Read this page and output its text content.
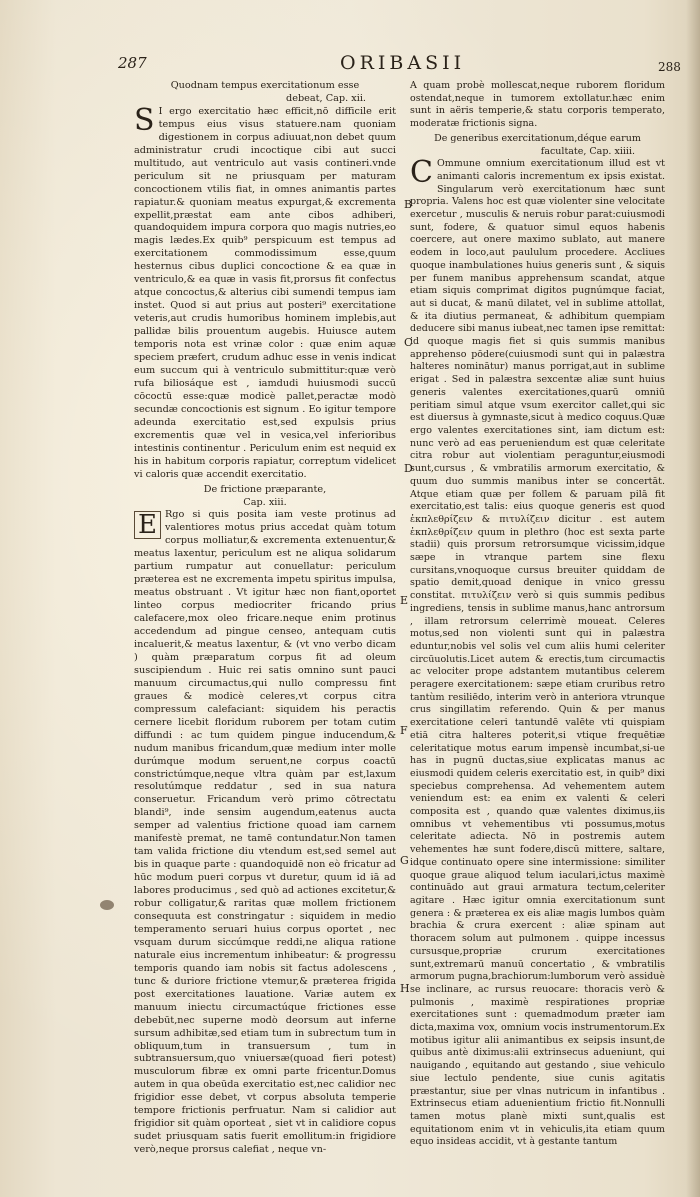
287	ORIBASII	288
B
C
D
E
F
G
H

Quodnam tempus exercitationum esse

debeat, Cap. xii.

S I ergo exercitatio hæc efficit,nō difficile erit tempus eius visus statuere.nam quoniam digestionem in corpus adiuuat,non debet quum administratur crudi incoctique cibi aut succi multitudo, aut ventriculo aut vasis contineri.vnde periculum sit ne priusquam per maturam concoctionem vtilis fiat, in omnes animantis partes rapiatur.& quoniam meatus expurgat,& excrementa expellit,præstat eam ante cibos adhiberi, quandoquidem impura corpora quo magis nutries,eo magis lædes.Ex quib⁹ perspicuum est tempus ad exercitationem commodissimum esse,quum hesternus cibus duplici concoctione & ea quæ in ventriculo,& ea quæ in vasis fit,prorsus fit confectus atque concoctus,& alterius cibi sumendi tempus iam instet. Quod si aut prius aut posteri⁹ exercitatione veteris,aut crudis humoribus hominem implebis,aut pallidæ bilis prouentum augebis. Huiusce autem temporis nota est vrinæ color : quæ enim aquæ speciem præfert, crudum adhuc esse in venis indicat eum succum qui à ventriculo submittitur:quæ verò rufa biliosáque est , iamdudi huiusmodi succū cōcoctū esse:quæ modicè pallet,peractæ modò secundæ concoctionis est signum . Eo igitur tempore adeunda exercitatio est,sed expulsis prius excrementis quæ vel in vesica,vel inferioribus intestinis continentur . Periculum enim est nequid ex his in habitum corporis rapiatur, correptum videlicet vi caloris quæ accendit exercitatio.

De frictione præparante,

Cap. xiii.

E Rgo si quis posita iam veste protinus ad valentiores motus prius accedat quàm totum corpus molliatur,& excrementa extenuentur,& meatus laxentur, periculum est ne aliqua solidarum partium rumpatur aut conuellatur: periculum præterea est ne excrementa impetu spiritus impulsa, meatus obstruant . Vt igitur hæc non fiant,oportet linteo corpus mediocriter fricando prius calefacere,mox oleo fricare.neque enim protinus accedendum ad pingue censeo, antequam cutis incaluerit,& meatus laxentur, & (vt vno verbo dicam ) quàm præparatum corpus fit ad oleum suscipiendum . Huic rei satis omnino sunt pauci manuum circumactus,qui nullo compressu fint graues & modicè celeres,vt corpus citra compressum calefaciant: siquidem his peractis cernere licebit floridum ruborem per totam cutim diffundi : ac tum quidem pingue inducendum,& nudum manibus fricandum,quæ medium inter molle durúmque modum seruent,ne corpus coactū constrictúmque,neque vltra quàm par est,laxum resolutúmque reddatur , sed in sua natura conseruetur. Fricandum verò primo cōtrectatu blandi⁹, inde sensim augendum,eatenus aucta semper ad valentius frictione quoad iam carnem manifestè premat, ne tamē contundatur.Non tamen tam valida frictione diu vtendum est,sed semel aut bis in quaque parte : quandoquidē non eò fricatur ad hūc modum pueri corpus vt duretur, quum id iā ad labores producimus , sed quò ad actiones excitetur,& robur colligatur,& raritas quæ mollem frictionem consequuta est constringatur : siquidem in medio temperamento seruari huius corpus oportet , nec vsquam durum siccúmque reddi,ne aliqua ratione naturale eius incrementum inhibeatur: & progressu temporis quando iam nobis sit factus adolescens , tunc & duriore frictione vtemur,& præterea frigida post exercitationes lauatione. Variæ autem ex manuum iniectu circumactúque frictiones esse debebūt,nec superne modò deorsum aut inferne sursum adhibitæ,sed etiam tum in subrectum tum in obliquum,tum in transuersum , tum in subtransuersum,quo vniuersæ(quoad fieri potest) musculorum fibræ ex omni parte fricentur.Domus autem in qua obeūda exercitatio est,nec calidior nec frigidior esse debet, vt corpus absoluta temperie tempore frictionis perfruatur. Nam si calidior aut frigidior sit quàm oporteat , siet vt in calidiore copus sudet priusquam satis fuerit emollitum:in frigidiore verò,neque prorsus calefiat , neque vn-

A quam probè mollescat,neque ruborem floridum ostendat,neque in tumorem extollatur.hæc enim sunt in aëris temperie,& statu corporis temperato, moderatæ frictionis signa.

De generibus exercitationum,déque earum

facultate, Cap. xiiii.

C Ommune omnium exercitationum illud est vt animanti caloris incrementum ex ipsis existat. Singularum verò exercitationum hæc sunt propria. Valens hoc est quæ violenter sine velocitate exercetur , musculis & neruis robur parat:cuiusmodi sunt, fodere, & quatuor simul equos habenis coercere, aut onere maximo sublato, aut manere eodem in loco,aut paululum procedere. Accliues quoque inambulationes huius generis sunt , & siquis per funem manibus apprehensum scandat, atque etiam siquis comprimat digitos pugnúmque faciat, aut si ducat, & manū dilatet, vel in sublime attollat, & ita diutius permaneat, & adhibitum quempiam deducere sibi manus iubeat,nec tamen ipse remittat: id quoque magis fiet si quis summis manibus apprehenso pōdere(cuiusmodi sunt qui in palæstra halteres nominātur) manus porrigat,aut in sublime erigat . Sed in palæstra sexcentæ aliæ sunt huius generis valentes exercitationes,quarū omniū peritiam simul atque vsum exercitor callet,qui sic est diuersus à gymnaste,sicut à medico coquus.Quæ ergo valentes exercitationes sint, iam dictum est: nunc verò ad eas perueniendum est quæ celeritate citra robur aut violentiam peraguntur,eiusmodi sunt,cursus , & vmbratilis armorum exercitatio, & quum duo summis manibus inter se concertāt. Atque etiam quæ per follem & paruam pilā fit exercitatio,est talis: eius quoque generis est quod ἐκπλεθρίζειν & πιτυλίζειν dicitur . est autem ἐκπλεθρίζειν quum in plethro (hoc est sexta parte stadii) quis prorsum retrorsumque vicissim,idque sæpe in vtranque partem sine flexu cursitans,vnoquoque cursus breuiter quiddam de spatio demit,quoad denique in vnico gressu constitat. πιτυλίζειν verò si quis summis pedibus ingrediens, tensis in sublime manus,hanc antrorsum , illam retrorsum celerrimè moueat. Celeres motus,sed non violenti sunt qui in palæstra eduntur,nobis vel solis vel cum aliis humi celeriter circūuolutis.Licet autem & erectis,tum circumactis ac velociter prope adstantem mutantibus celerem peragere exercitationem: sæpe etiam cruribus retro tantùm resiliēdo, interim verò in anteriora vtrunque crus singillatim referendo. Quin & per manus exercitatione celeri tantundē valēte vti quispiam etiā citra halteres poterit,si vtique frequētiæ celeritatique motus earum impensè incumbat,si-ue has in pugnū ductas,siue explicatas manus ac eiusmodi quidem celeris exercitatio est, in quib⁹ dixi speciebus comprehensa. Ad vehementem autem veniendum est: ea enim ex valenti & celeri composita est , quando quæ valentes diximus,iis omnibus vt vehementibus vti possumus,motus celeritate adiecta. Nō in postremis autem vehementes hæ sunt fodere,discū mittere, saltare, idque continuato opere sine intermissione: similiter quoque graue aliquod telum iaculari,ictus maximè continuādo aut graui armatura tectum,celeriter agitare . Hæc igitur omnia exercitationum sunt genera : & præterea ex eis aliæ magis lumbos quàm brachia & crura exercent : aliæ spinam aut thoracem solum aut pulmonem . quippe incessus cursusque,propriæ crurum exercitationes sunt,extremarū manuū concertatio , & vmbratilis armorum pugna,brachiorum:lumborum verò assiduè se inclinare, ac rursus reuocare: thoracis verò & pulmonis , maximè respirationes propriæ exercitationes sunt : quemadmodum præter iam dicta,maxima vox, omnium vocis instrumentorum.Ex motibus igitur alii animantibus ex seipsis insunt,de quibus antè diximus:alii extrinsecus adueniunt, qui nauigando , equitando aut gestando , siue vehiculo siue lectulo pendente, siue cunis agitatis præstantur, siue per vlnas nutricum in infantibus . Extrinsecus etiam aduenientium frictio fit.Nonnulli tamen motus planè mixti sunt,qualis est equitationom enim vt in vehiculis,ita etiam quum equo insideas accidit, vt à gestante tantum
